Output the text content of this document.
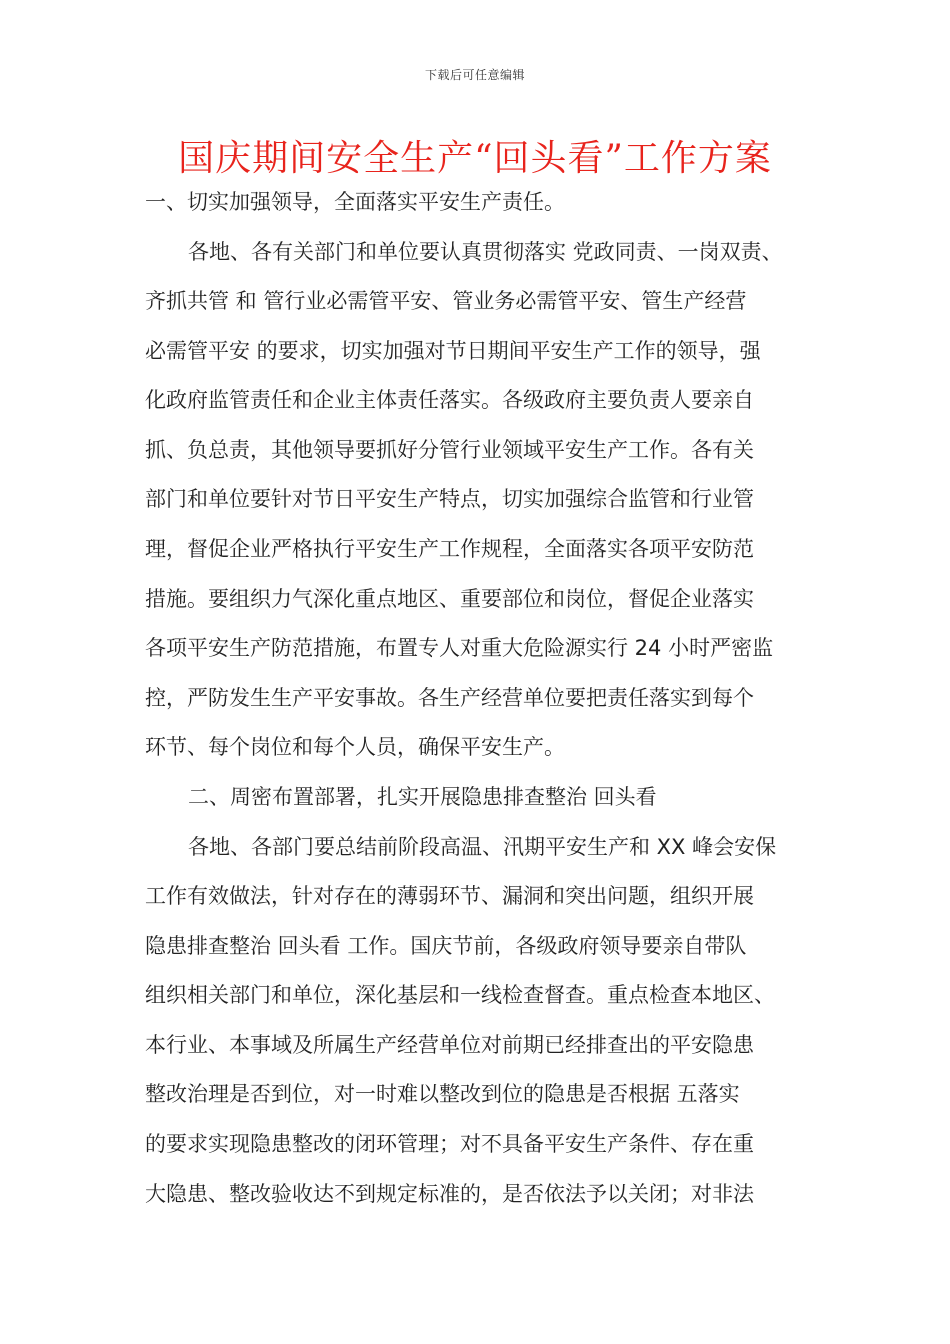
下载后可任意编辑
国庆期间安全生产“回头看”工作方案
一、切实加强领导，全面落实平安生产责任。
各地、各有关部门和单位要认真贯彻落实 党政同责、一岗双责、
齐抓共管 和 管行业必需管平安、管业务必需管平安、管生产经营
必需管平安 的要求，切实加强对节日期间平安生产工作的领导，强
化政府监管责任和企业主体责任落实。各级政府主要负责人要亲自
抓、负总责，其他领导要抓好分管行业领域平安生产工作。各有关
部门和单位要针对节日平安生产特点，切实加强综合监管和行业管
理，督促企业严格执行平安生产工作规程，全面落实各项平安防范
措施。要组织力气深化重点地区、重要部位和岗位，督促企业落实
各项平安生产防范措施，布置专人对重大危险源实行 24 小时严密监
控，严防发生生产平安事故。各生产经营单位要把责任落实到每个
环节、每个岗位和每个人员，确保平安生产。
二、周密布置部署，扎实开展隐患排查整治 回头看
各地、各部门要总结前阶段高温、汛期平安生产和 XX 峰会安保
工作有效做法，针对存在的薄弱环节、漏洞和突出问题，组织开展
隐患排查整治 回头看 工作。国庆节前，各级政府领导要亲自带队
组织相关部门和单位，深化基层和一线检查督查。重点检查本地区、
本行业、本事域及所属生产经营单位对前期已经排查出的平安隐患
整改治理是否到位，对一时难以整改到位的隐患是否根据 五落实
的要求实现隐患整改的闭环管理；对不具备平安生产条件、存在重
大隐患、整改验收达不到规定标准的，是否依法予以关闭；对非法
